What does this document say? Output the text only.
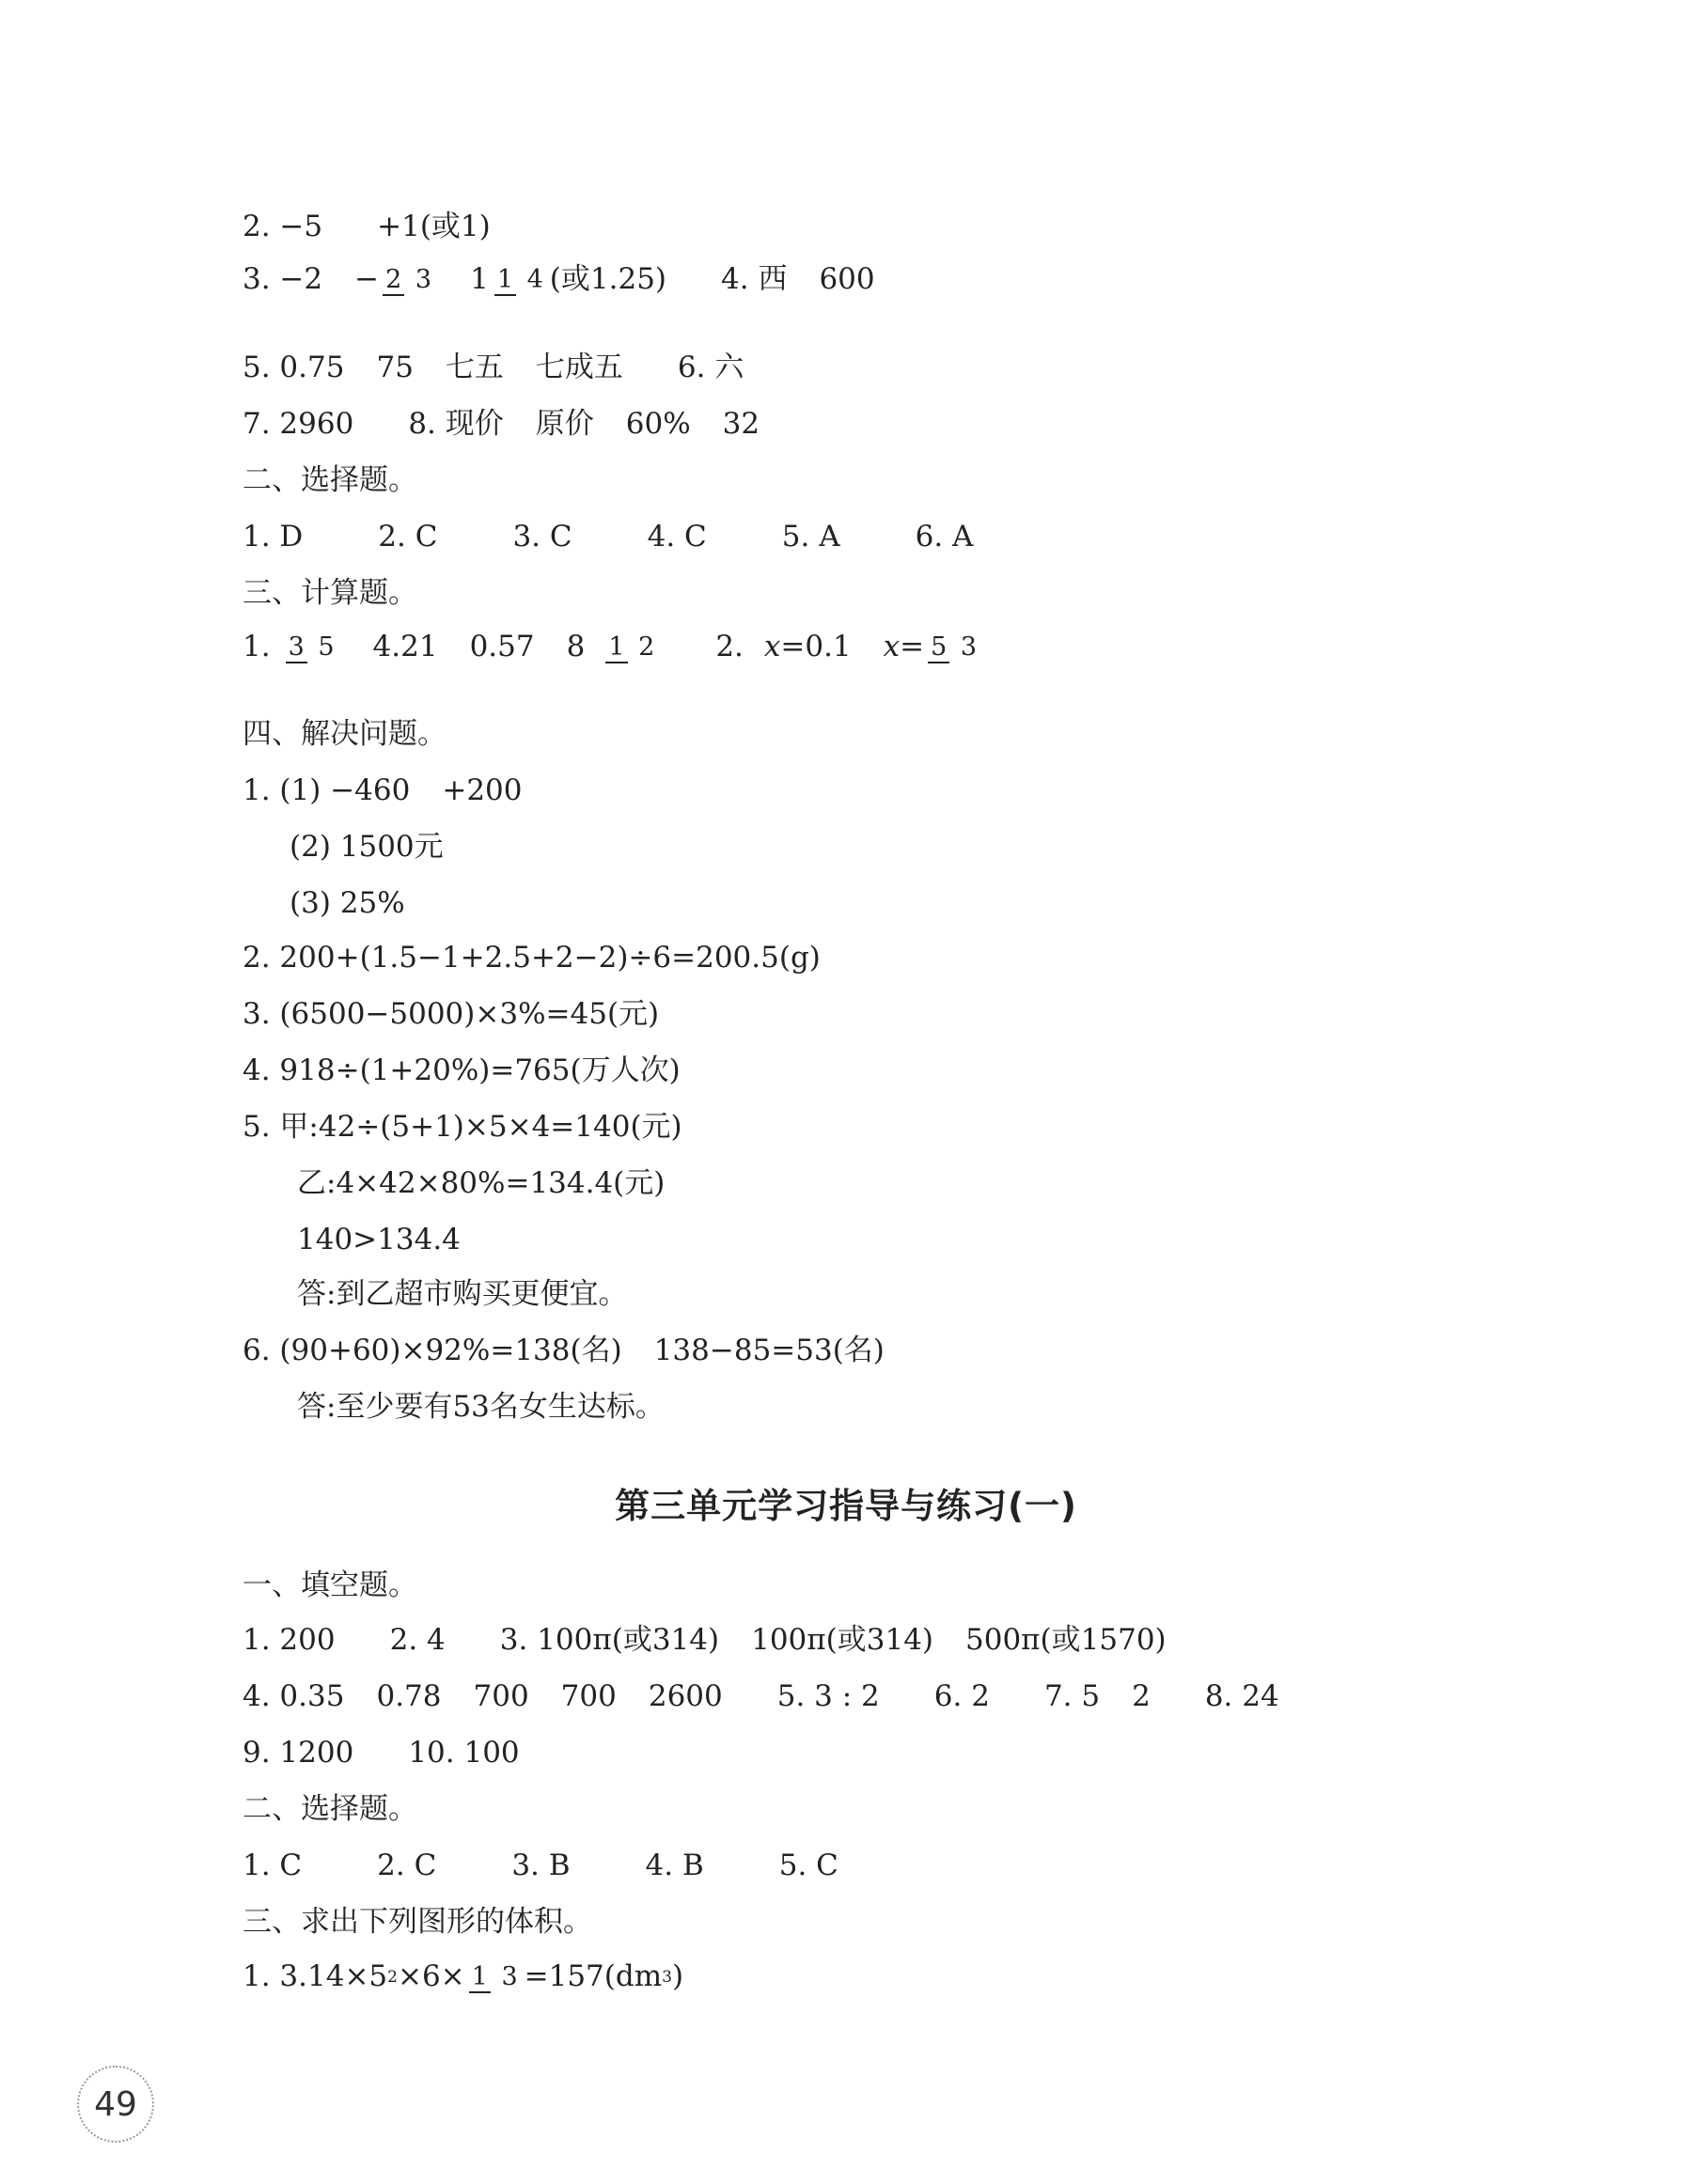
2. −5 +1(或1)
3. −2 − 2 3 1 1 4 (或1.25) 4. 西 600
5. 0.75 75 七五 七成五 6. 六
7. 2960 8. 现价 原价 60% 32
二、选择题。
1. D	2. C	3. C	4. C	5. A	6. A
三、计算题。
1. 3 5 4.21 0.57 8 1 2 2. x =0.1 x = 5 3
四、解决问题。
1. (1) −460 +200
(2) 1500元
(3) 25%
2. 200+(1.5−1+2.5+2−2)÷6=200.5(g)
3. (6500−5000)×3%=45(元)
4. 918÷(1+20%)=765(万人次)
5. 甲:42÷(5+1)×5×4=140(元)
乙:4×42×80%=134.4(元)
140>134.4
答:到乙超市购买更便宜。
6. (90+60)×92%=138(名) 138−85=53(名)
答:至少要有53名女生达标。
第三单元学习指导与练习(一)
一、填空题。
1. 200 2. 4 3. 100π(或314) 100π(或314) 500π(或1570)
4. 0.35 0.78 700 700 2600 5. 3 : 2 6. 2 7. 5 2 8. 24
9. 1200 10. 100
二、选择题。
1. C	2. C	3. B	4. B	5. C
三、求出下列图形的体积。
1. 3.14×5 2 ×6× 1 3 =157(dm 3 )
49
